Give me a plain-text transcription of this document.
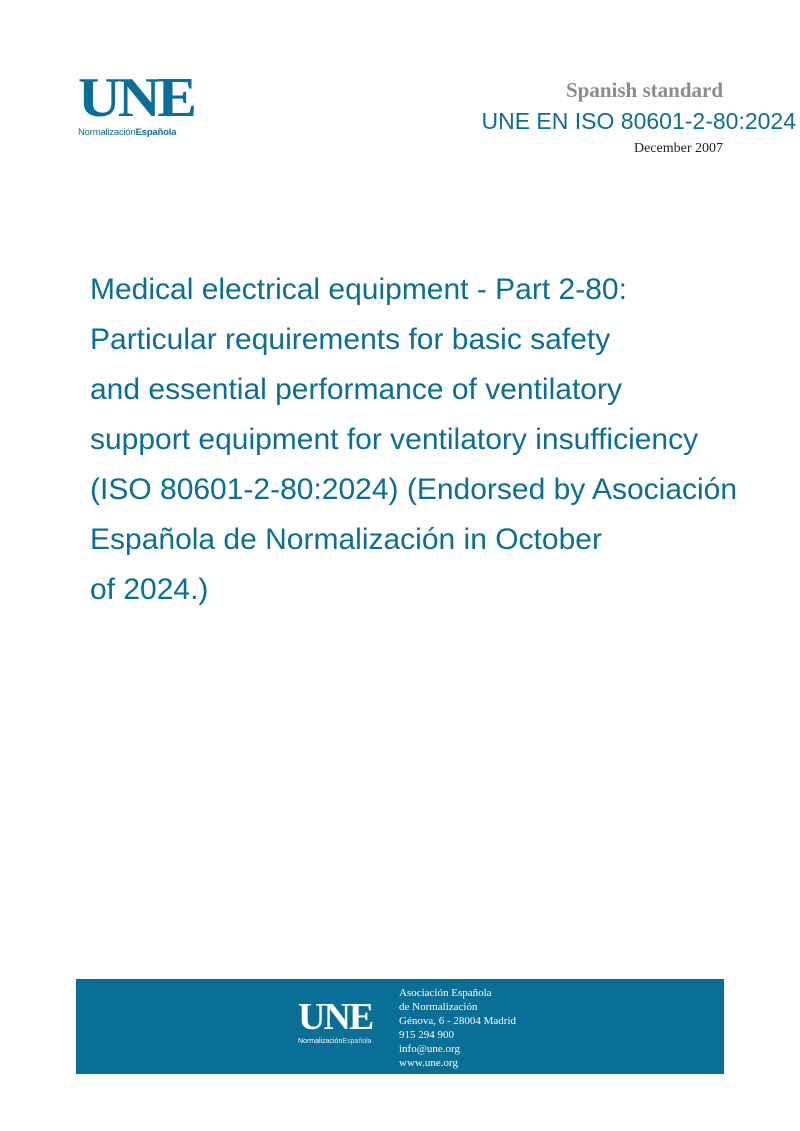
UNE
NormalizaciónEspañola
Spanish standard
UNE EN ISO 80601-2-80:2024
December 2007
Medical electrical equipment - Part 2-80:
Particular requirements for basic safety
and essential performance of ventilatory
support equipment for ventilatory insufficiency
(ISO 80601-2-80:2024) (Endorsed by Asociación
Española de Normalización in October
of 2024.)
UNE
NormalizaciónEspañola
Asociación Española
de Normalización
Génova, 6 - 28004 Madrid
915 294 900
info@une.org
www.une.org
